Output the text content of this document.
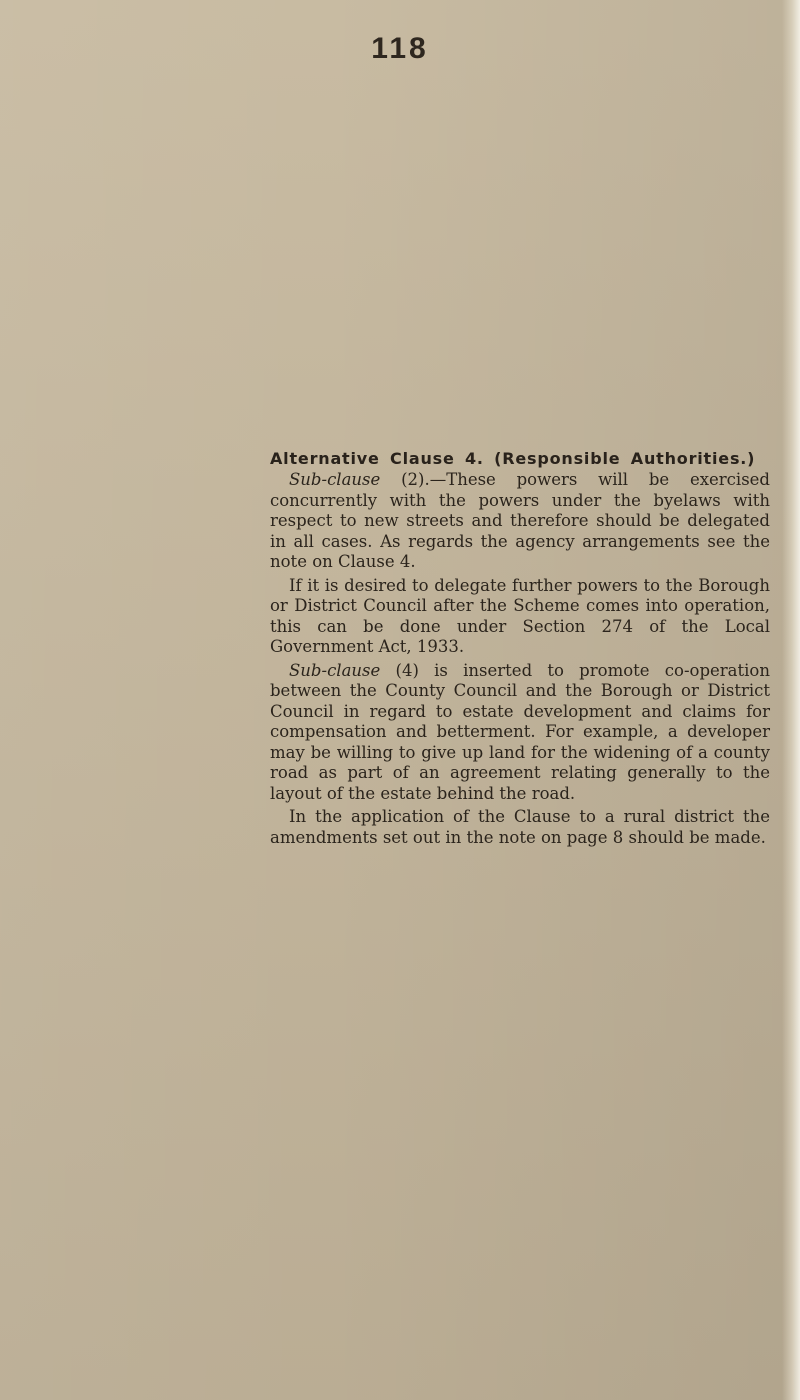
118
Alternative Clause 4. (Responsible Authorities.)

Sub-clause (2).—These powers will be exercised concurrently with the powers under the byelaws with respect to new streets and therefore should be delegated in all cases. As regards the agency arrangements see the note on Clause 4.

If it is desired to delegate further powers to the Borough or District Council after the Scheme comes into operation, this can be done under Section 274 of the Local Government Act, 1933.

Sub-clause (4) is inserted to promote co-operation between the County Council and the Borough or District Council in regard to estate development and claims for compensation and betterment. For example, a developer may be willing to give up land for the widening of a county road as part of an agreement relating generally to the layout of the estate behind the road.

In the application of the Clause to a rural district the amendments set out in the note on page 8 should be made.
